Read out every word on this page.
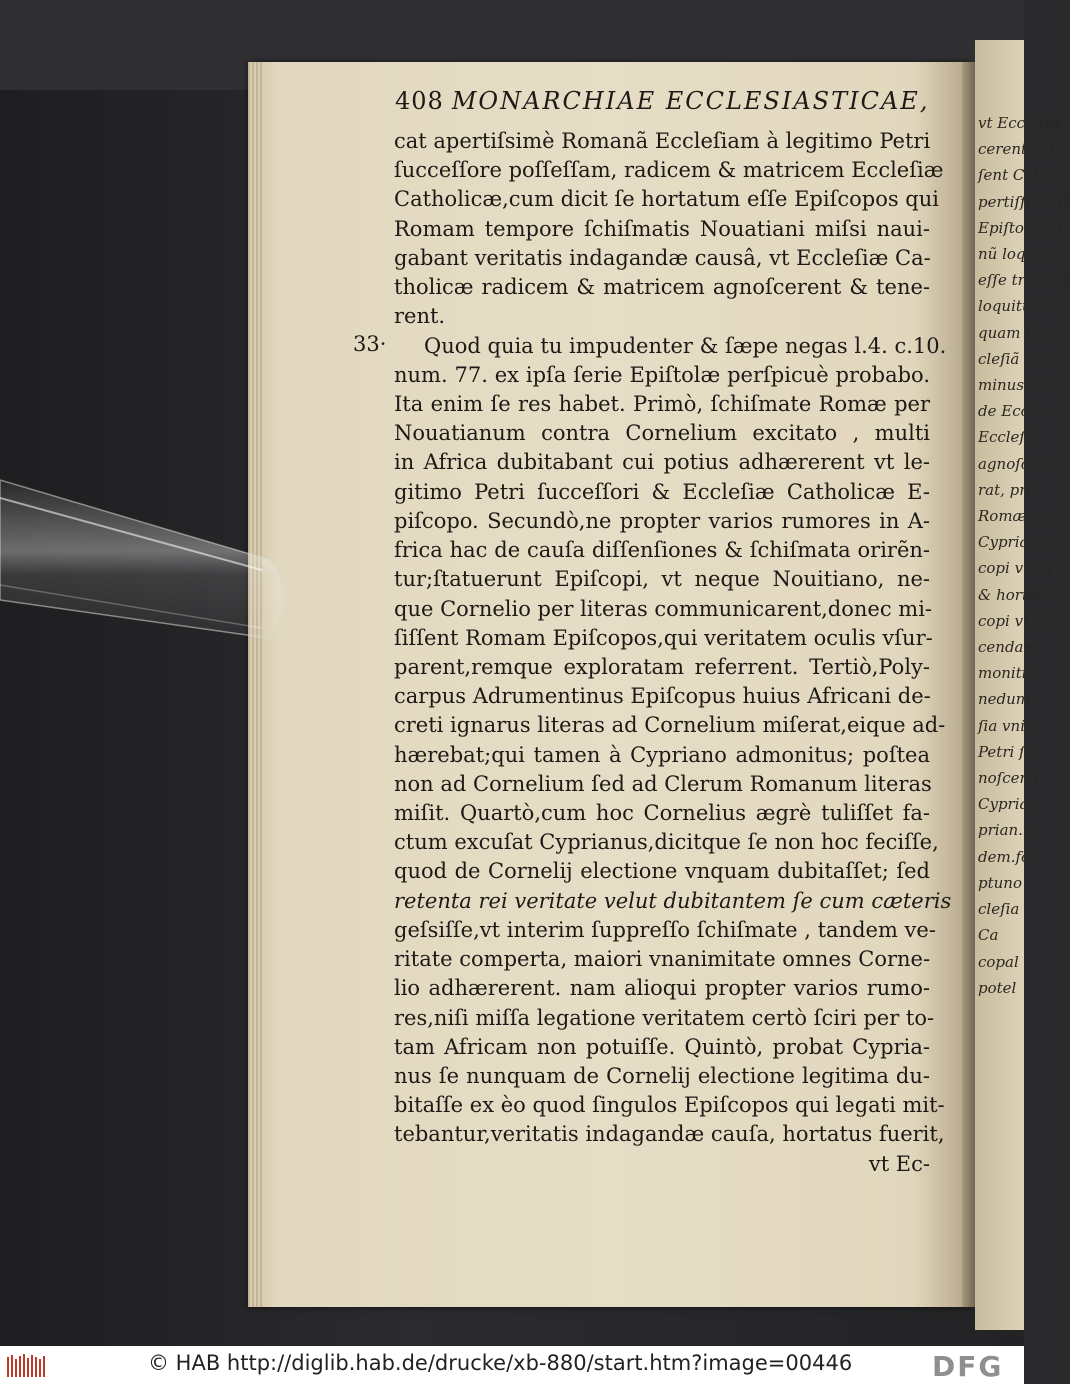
vt Eccleſiæ
cerent & te
ſent Cathol
pertiſſima c
Epiſtolę, Vi
nũ loqui co
eſſe tribus a
loquitur C
quam Ro
cleſiã vni
minus in
de Eccle
Eccleſia
agnoſcer
rat, pro
Romæ,re
Cyprianu
copi vt ag
& hortatic
copi vt E
cendam
moniti
nedum
ſia vniu
Petri ſu
noſcend
Cypria
prian.in
dem.fo
ptuno
cleſia
Ca
copal
potel
408 MONARCHIAE ECCLESIASTICAE,
33·
cat apertiſsimè Romanã Eccleſiam à legitimo Petri
ſucceſſore poſſeſſam, radicem & matricem Eccleſiæ
Catholicæ,cum dicit ſe hortatum eſſe Epiſcopos qui
Romam tempore ſchiſmatis Nouatiani miſsi naui-
gabant veritatis indagandæ causâ, vt Eccleſiæ Ca-
tholicæ radicem & matricem agnoſcerent & tene-
rent.
Quod quia tu impudenter & ſæpe negas l.4. c.10.
num. 77. ex ipſa ſerie Epiſtolæ perſpicuè probabo.
Ita enim ſe res habet. Primò, ſchiſmate Romæ per
Nouatianum contra Cornelium excitato , multi
in Africa dubitabant cui potius adhærerent vt le-
gitimo Petri ſucceſſori & Eccleſiæ Catholicæ E-
piſcopo. Secundò,ne propter varios rumores in A-
frica hac de cauſa diſſenſiones & ſchiſmata orirẽn-
tur;ſtatuerunt Epiſcopi, vt neque Nouitiano, ne-
que Cornelio per literas communicarent,donec mi-
ſiſſent Romam Epiſcopos,qui veritatem oculis vſur-
parent,remque exploratam referrent. Tertiò,Poly-
carpus Adrumentinus Epiſcopus huius Africani de-
creti ignarus literas ad Cornelium miſerat,eique ad-
hærebat;qui tamen à Cypriano admonitus; poſtea
non ad Cornelium ſed ad Clerum Romanum literas
miſit. Quartò,cum hoc Cornelius ægrè tuliſſet fa-
ctum excuſat Cyprianus,dicitque ſe non hoc feciſſe,
quod de Cornelij electione vnquam dubitaſſet; ſed
retenta rei veritate velut dubitantem ſe cum cæteris
geſsiſſe,vt interim ſuppreſſo ſchiſmate , tandem ve-
ritate comperta, maiori vnanimitate omnes Corne-
lio adhærerent. nam alioqui propter varios rumo-
res,niſi miſſa legatione veritatem certò ſciri per to-
tam Africam non potuiſſe. Quintò, probat Cypria-
nus ſe nunquam de Cornelij electione legitima du-
bitaſſe ex èo quod ſingulos Epiſcopos qui legati mit-
tebantur,veritatis indagandæ cauſa, hortatus fuerit,
vt Ec-
© HAB http://diglib.hab.de/drucke/xb-880/start.htm?image=00446	DFG
